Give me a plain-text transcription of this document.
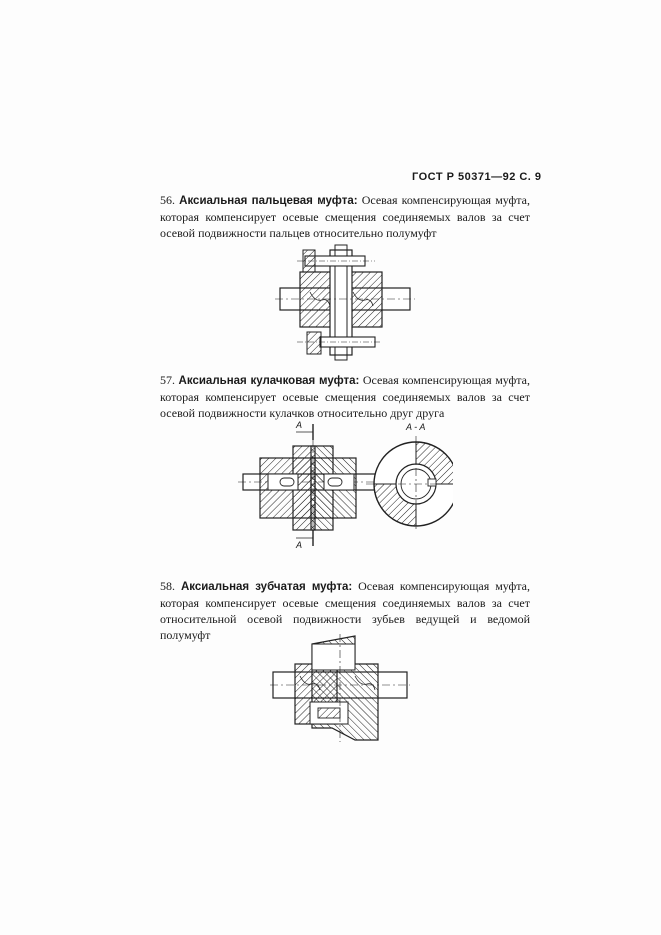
ГОСТ Р 50371—92 С. 9
56. Аксиальная пальцевая муфта: Осевая компенсирующая муфта, которая компенсирует осевые смещения соединяемых валов за счет осевой подвижности пальцев относительно полумуфт
57. Аксиальная кулачковая муфта: Осевая компенсирующая муфта, которая компенсирует осевые смещения соединяемых валов за счет осевой подвижности кулачков относительно друг друга
A
A
A - A
58. Аксиальная зубчатая муфта: Осевая компенсирующая муфта, которая компенсирует осевые смещения соединяемых валов за счет относительной осевой подвижности зубьев ведущей и ведомой полумуфт
